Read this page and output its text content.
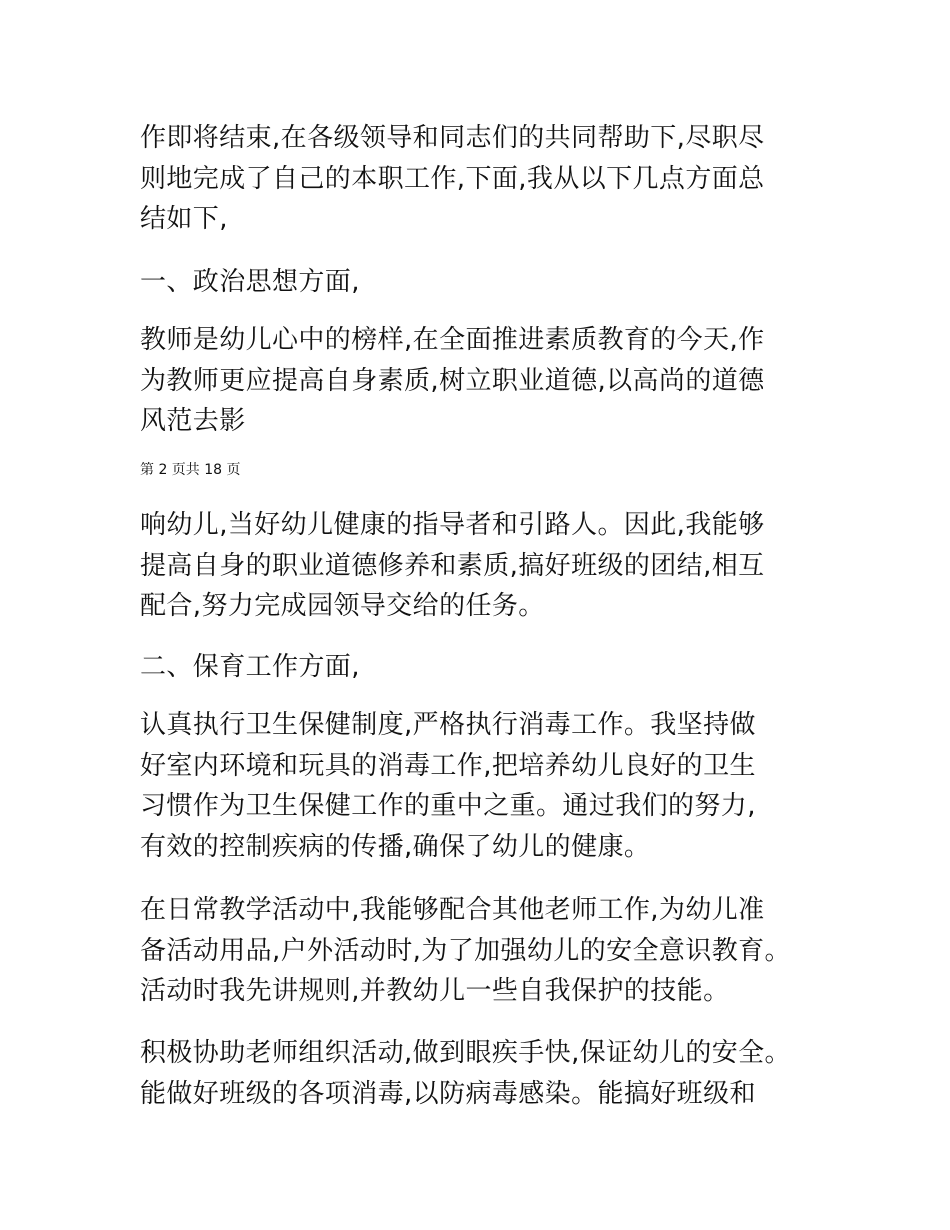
作即将结束,在各级领导和同志们的共同帮助下,尽职尽
则地完成了自己的本职工作,下面,我从以下几点方面总
结如下,
一、政治思想方面,
教师是幼儿心中的榜样,在全面推进素质教育的今天,作
为教师更应提高自身素质,树立职业道德,以高尚的道德
风范去影
第 2 页共 18 页
响幼儿,当好幼儿健康的指导者和引路人。因此,我能够
提高自身的职业道德修养和素质,搞好班级的团结,相互
配合,努力完成园领导交给的任务。
二、保育工作方面,
认真执行卫生保健制度,严格执行消毒工作。我坚持做
好室内环境和玩具的消毒工作,把培养幼儿良好的卫生
习惯作为卫生保健工作的重中之重。通过我们的努力,
有效的控制疾病的传播,确保了幼儿的健康。
在日常教学活动中,我能够配合其他老师工作,为幼儿准
备活动用品,户外活动时,为了加强幼儿的安全意识教育。
活动时我先讲规则,并教幼儿一些自我保护的技能。
积极协助老师组织活动,做到眼疾手快,保证幼儿的安全。
能做好班级的各项消毒,以防病毒感染。能搞好班级和
